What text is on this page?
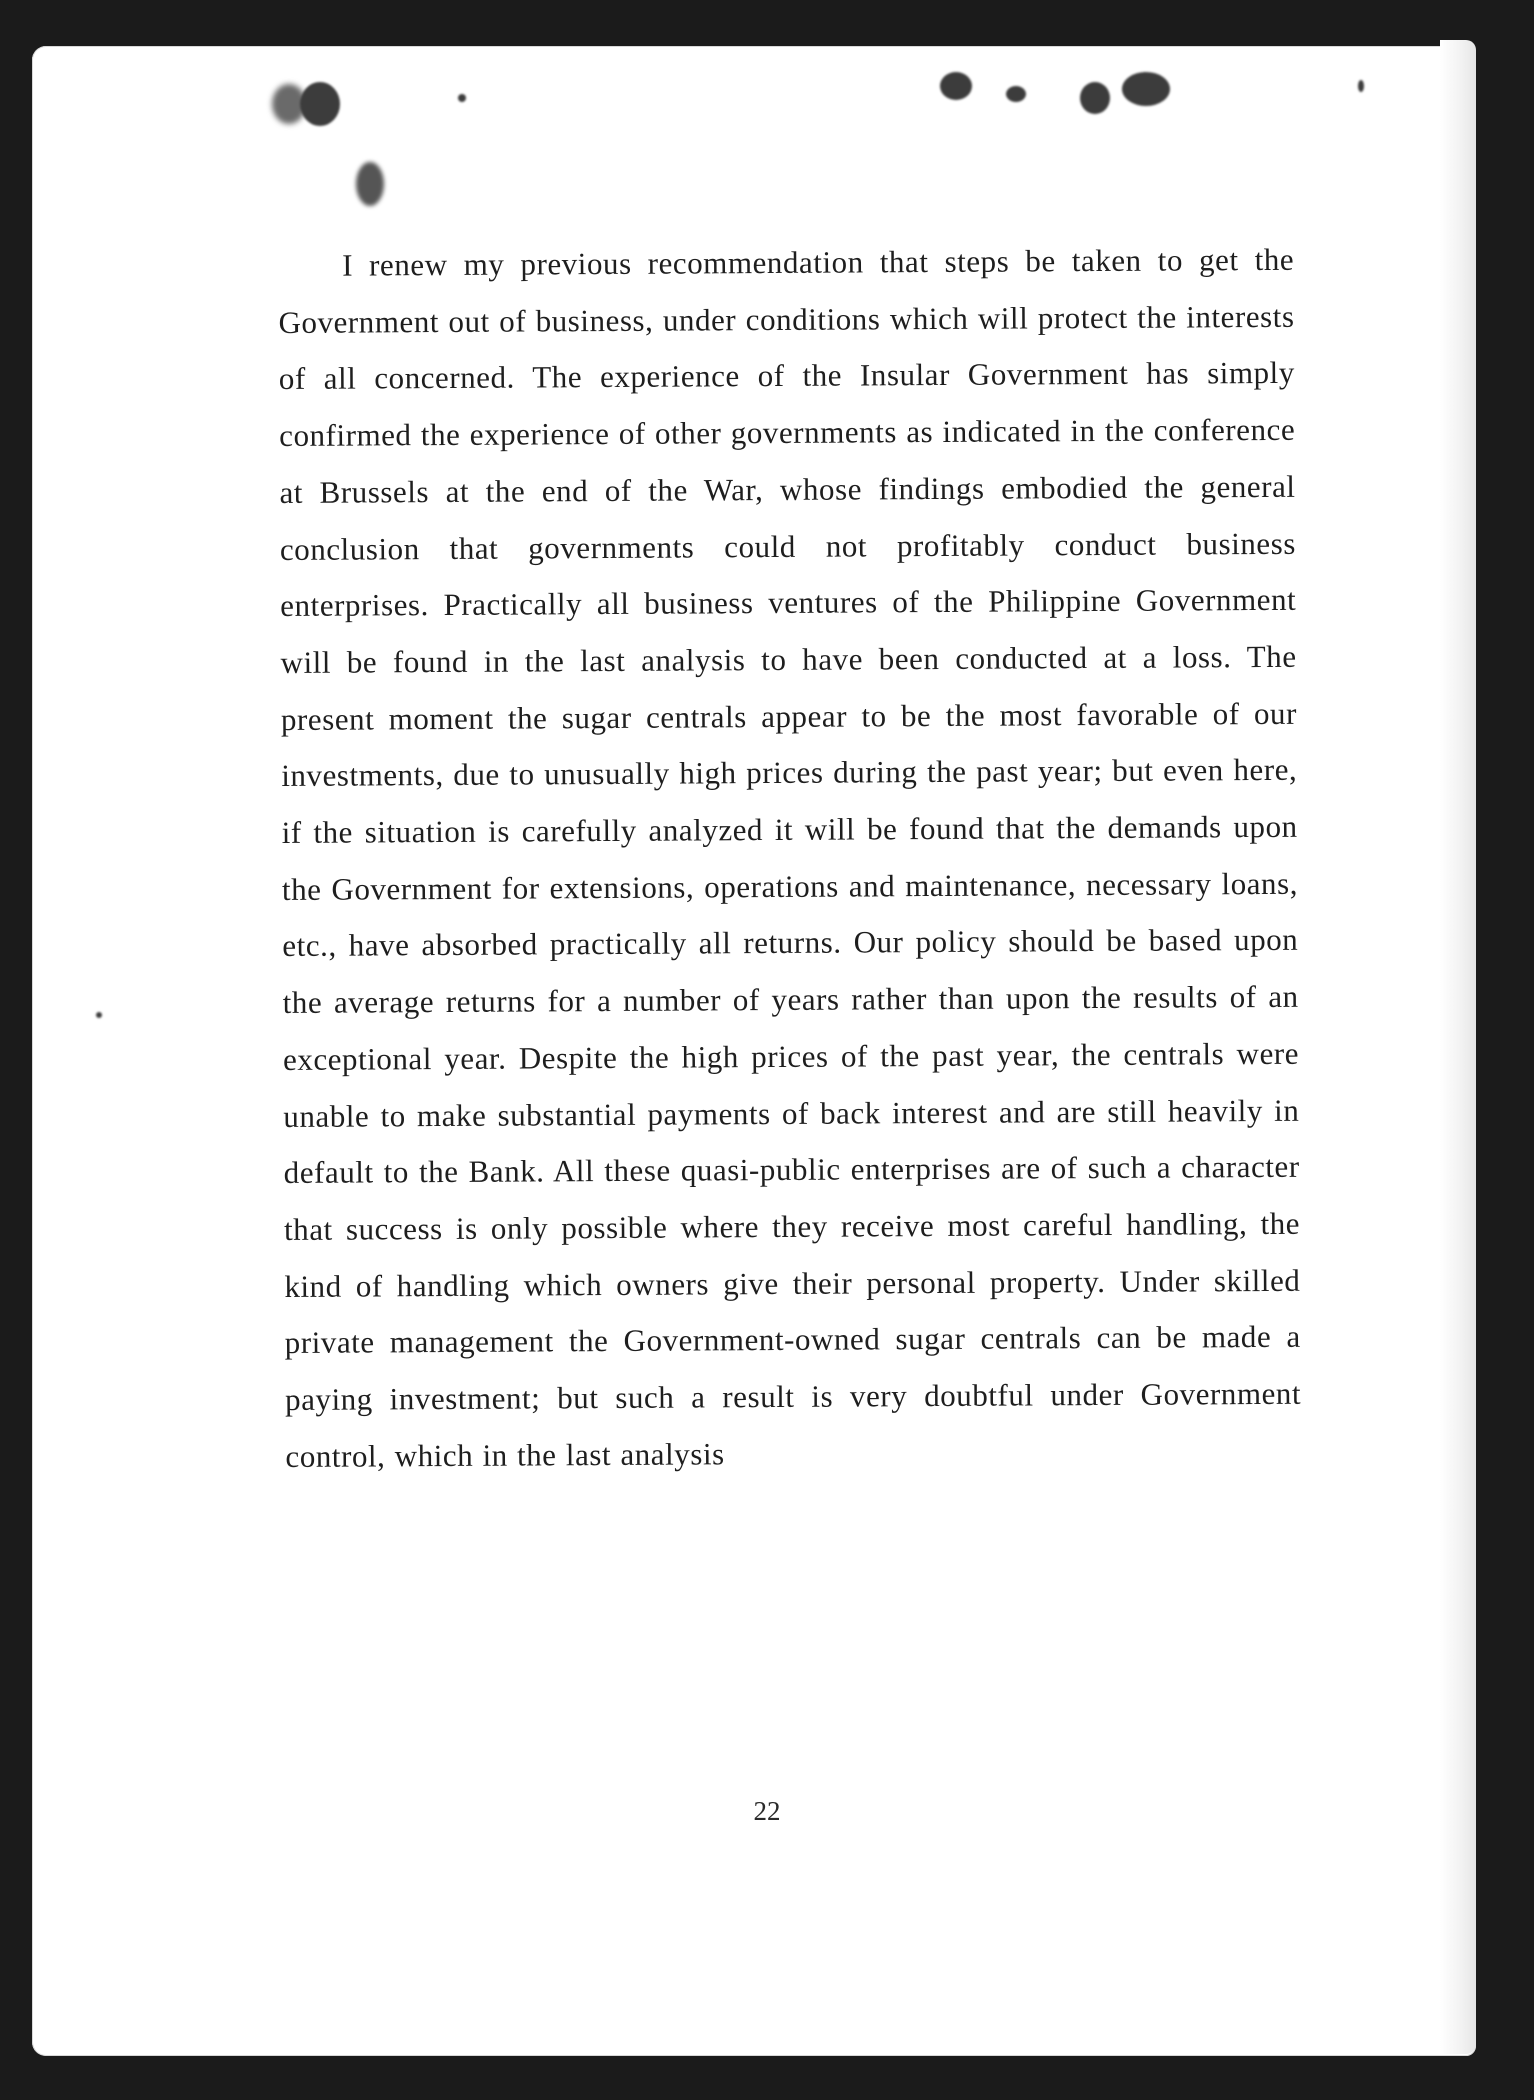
I renew my previous recommendation that steps be taken to get the Government out of business, under conditions which will protect the interests of all concerned. The experience of the Insular Government has simply confirmed the experience of other governments as indicated in the conference at Brussels at the end of the War, whose findings embodied the general conclusion that governments could not profitably conduct business enterprises. Practically all business ventures of the Philippine Government will be found in the last analysis to have been conducted at a loss. The present moment the sugar centrals appear to be the most favorable of our investments, due to unusually high prices during the past year; but even here, if the situation is carefully analyzed it will be found that the demands upon the Government for extensions, operations and maintenance, necessary loans, etc., have absorbed practically all returns. Our policy should be based upon the average returns for a number of years rather than upon the results of an exceptional year. Despite the high prices of the past year, the centrals were unable to make substantial payments of back interest and are still heavily in default to the Bank. All these quasi-public enterprises are of such a character that success is only possible where they receive most careful handling, the kind of handling which owners give their personal property. Under skilled private management the Government-owned sugar centrals can be made a paying investment; but such a result is very doubtful under Government control, which in the last analysis

22
